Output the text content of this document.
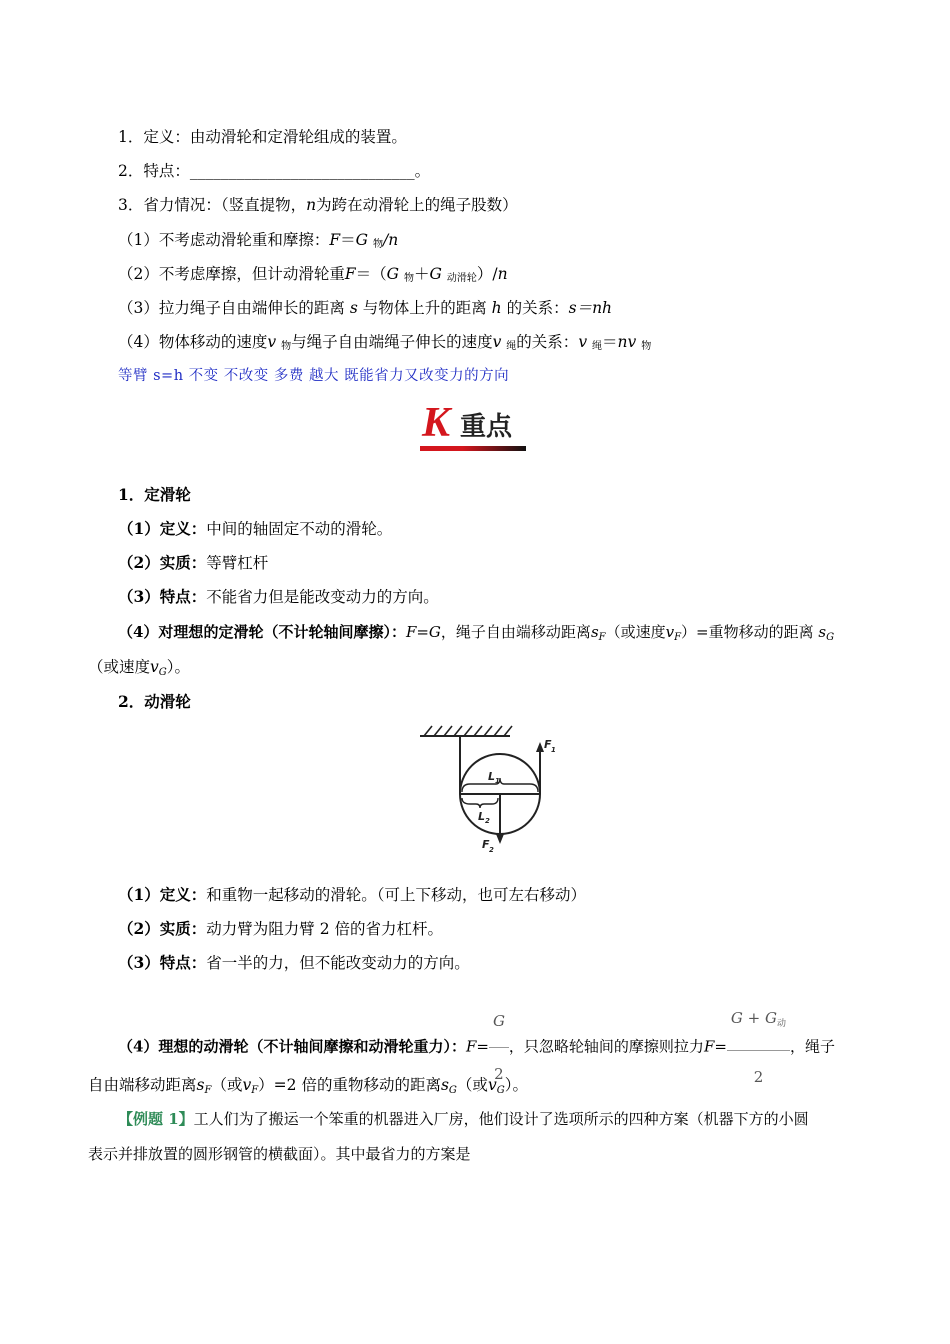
1．定义：由动滑轮和定滑轮组成的装置。
2．特点：_____________________________。
3．省力情况：（竖直提物，n为跨在动滑轮上的绳子股数）
（1）不考虑动滑轮重和摩擦：F＝G $_物$/n
（2）不考虑摩擦，但计动滑轮重F＝（G $_物$＋G $_{动滑轮}$）/n
（3）拉力绳子自由端伸长的距离 s 与物体上升的距离 h 的关系：s＝nh
（4）物体移动的速度v $_物$与绳子自由端绳子伸长的速度v $_绳$的关系：v $_绳$＝nv $_物$
等臂 s=h 不变 不改变 多费 越大 既能省力又改变力的方向
K 重点
1．定滑轮
（1）定义：中间的轴固定不动的滑轮。
（2）实质：等臂杠杆
（3）特点：不能省力但是能改变动力的方向。
（4）对理想的定滑轮（不计轮轴间摩擦）：F=G，绳子自由端移动距离$s_F$（或速度$v_F)=$重物移动的距离 $s_G$
（或速度vG）。
2．动滑轮
F 1
L 1
L 2
F 2
（1）定义：和重物一起移动的滑轮。（可上下移动，也可左右移动）
（2）实质：动力臂为阻力臂 2 倍的省力杠杆。
（3）特点：省一半的力，但不能改变动力的方向。
（4）理想的动滑轮（不计轴间摩擦和动滑轮重力）：$F= \frac{G}{2}$ ，只忽略轮轴间的摩擦则拉力$F= \frac{G + G_动}{2}$ ，绳子
自由端移动距离sF（或vF）=2 倍的重物移动的距离sG（或vG）。
【例题 1】工人们为了搬运一个笨重的机器进入厂房，他们设计了选项所示的四种方案（机器下方的小圆
表示并排放置的圆形钢管的横截面）。其中最省力的方案是
